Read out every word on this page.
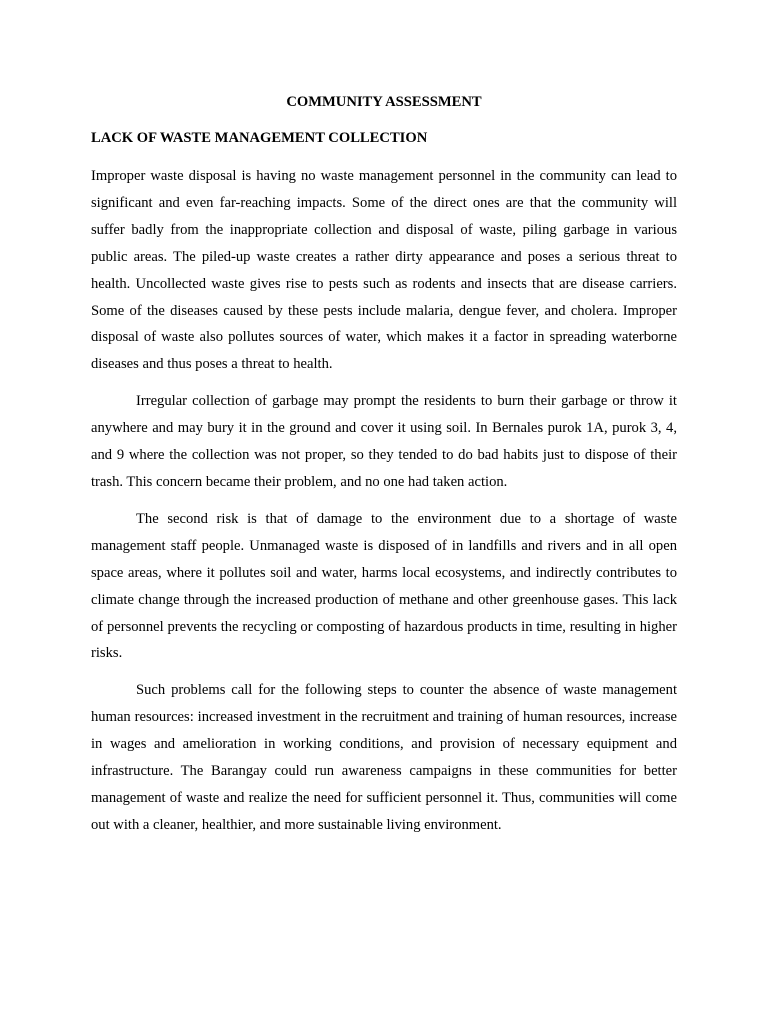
COMMUNITY ASSESSMENT
LACK OF WASTE MANAGEMENT COLLECTION

Improper waste disposal is having no waste management personnel in the community can lead to significant and even far-reaching impacts. Some of the direct ones are that the community will suffer badly from the inappropriate collection and disposal of waste, piling garbage in various public areas. The piled-up waste creates a rather dirty appearance and poses a serious threat to health. Uncollected waste gives rise to pests such as rodents and insects that are disease carriers. Some of the diseases caused by these pests include malaria, dengue fever, and cholera. Improper disposal of waste also pollutes sources of water, which makes it a factor in spreading waterborne diseases and thus poses a threat to health.

Irregular collection of garbage may prompt the residents to burn their garbage or throw it anywhere and may bury it in the ground and cover it using soil. In Bernales purok 1A, purok 3, 4, and 9 where the collection was not proper, so they tended to do bad habits just to dispose of their trash. This concern became their problem, and no one had taken action.

The second risk is that of damage to the environment due to a shortage of waste management staff people. Unmanaged waste is disposed of in landfills and rivers and in all open space areas, where it pollutes soil and water, harms local ecosystems, and indirectly contributes to climate change through the increased production of methane and other greenhouse gases. This lack of personnel prevents the recycling or composting of hazardous products in time, resulting in higher risks.

Such problems call for the following steps to counter the absence of waste management human resources: increased investment in the recruitment and training of human resources, increase in wages and amelioration in working conditions, and provision of necessary equipment and infrastructure. The Barangay could run awareness campaigns in these communities for better management of waste and realize the need for sufficient personnel it. Thus, communities will come out with a cleaner, healthier, and more sustainable living environment.
